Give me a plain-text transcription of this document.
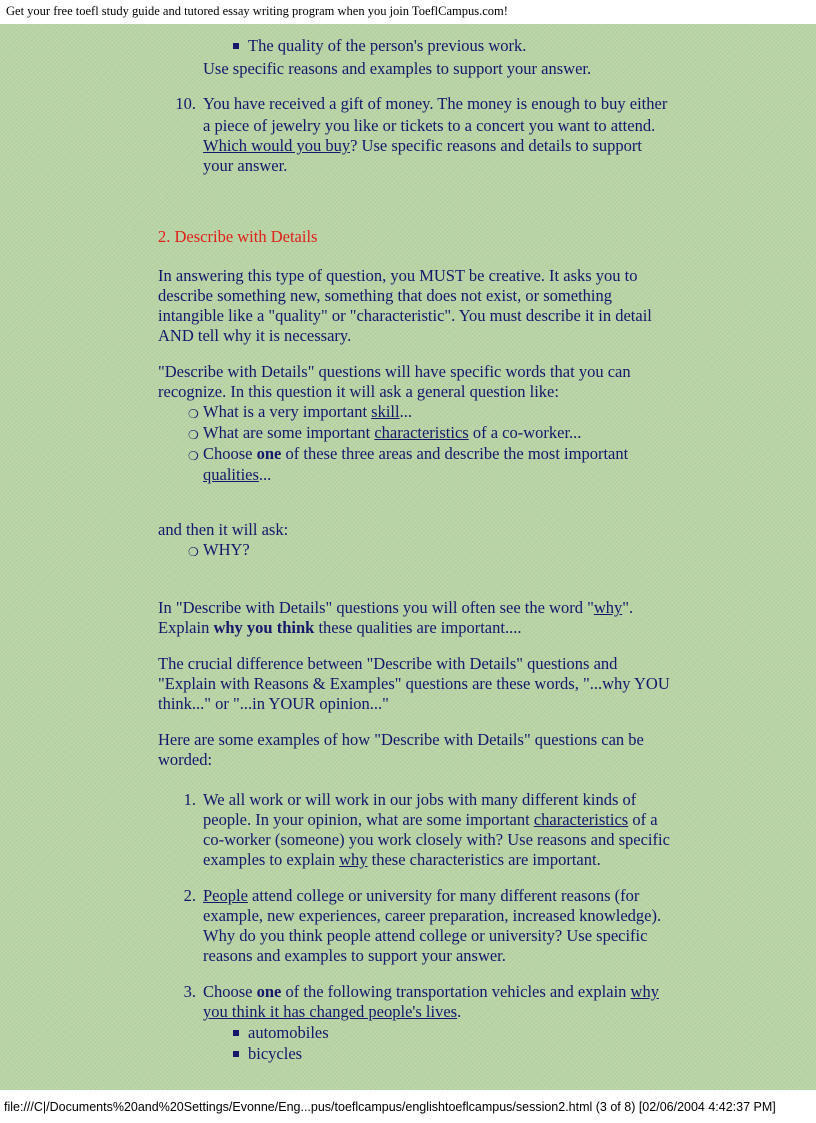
Get your free toefl study guide and tutored essay writing program when you join ToeflCampus.com!

The quality of the person's previous work.

Use specific reasons and examples to support your answer.

10. You have received a gift of money. The money is enough to buy either

a piece of jewelry you like or tickets to a concert you want to attend.

Which would you buy? Use specific reasons and details to support

your answer.

2. Describe with Details

In answering this type of question, you MUST be creative. It asks you to

describe something new, something that does not exist, or something

intangible like a "quality" or "characteristic". You must describe it in detail

AND tell why it is necessary.

"Describe with Details" questions will have specific words that you can

recognize. In this question it will ask a general question like:

❍ What is a very important skill...

❍ What are some important characteristics of a co-worker...

❍ Choose one of these three areas and describe the most important

qualities...

and then it will ask:

❍ WHY?

In "Describe with Details" questions you will often see the word "why".

Explain why you think these qualities are important....

The crucial difference between "Describe with Details" questions and

"Explain with Reasons & Examples" questions are these words, "...why YOU

think..." or "...in YOUR opinion..."

Here are some examples of how "Describe with Details" questions can be

worded:

1. We all work or will work in our jobs with many different kinds of

people. In your opinion, what are some important characteristics of a

co-worker (someone) you work closely with? Use reasons and specific

examples to explain why these characteristics are important.

2. People attend college or university for many different reasons (for

example, new experiences, career preparation, increased knowledge).

Why do you think people attend college or university? Use specific

reasons and examples to support your answer.

3. Choose one of the following transportation vehicles and explain why

you think it has changed people's lives.

automobiles

bicycles

file:///C|/Documents%20and%20Settings/Evonne/Eng...pus/toeflcampus/englishtoeflcampus/session2.html (3 of 8) [02/06/2004 4:42:37 PM]
